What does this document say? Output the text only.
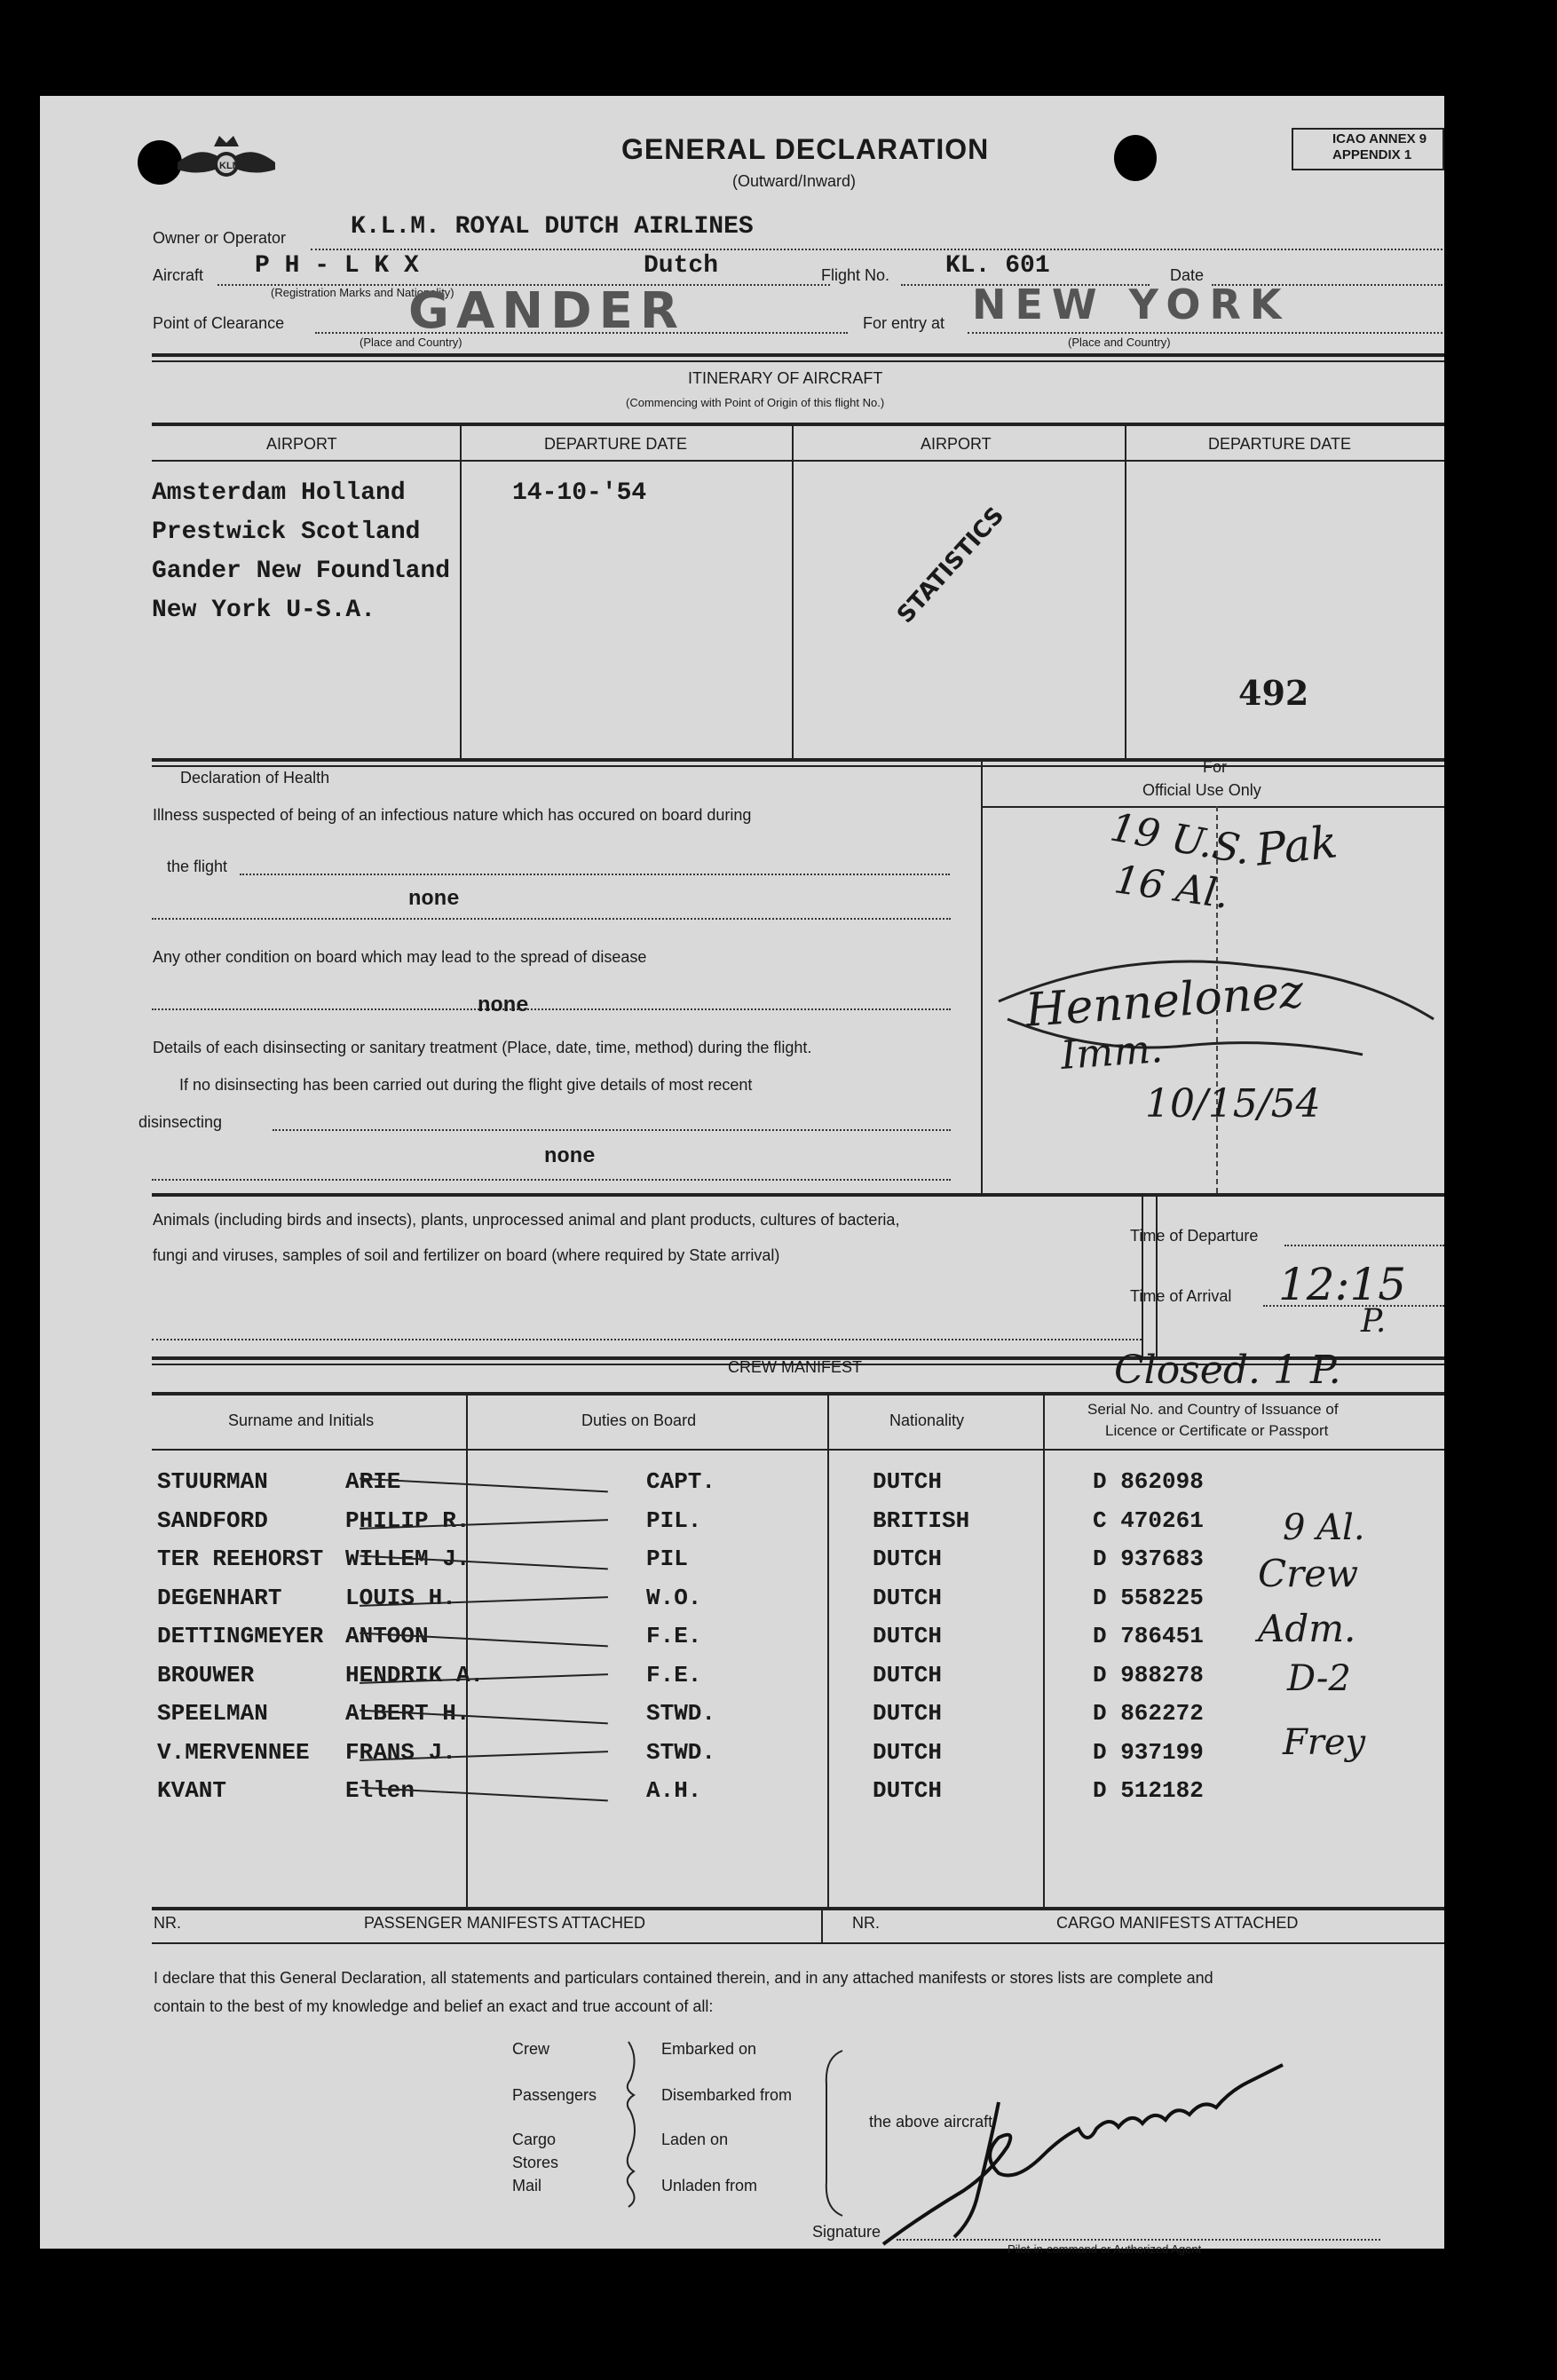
KLM
GENERAL DECLARATION
(Outward/Inward)
ICAO ANNEX 9
APPENDIX 1
Owner or Operator	K.L.M. ROYAL DUTCH AIRLINES
Aircraft P H - L K X	Dutch
(Registration Marks and Nationality)
Flight No. KL. 601	Date
Point of Clearance GANDER
(Place and Country)
For entry at NEW YORK
(Place and Country)
ITINERARY OF AIRCRAFT
(Commencing with Point of Origin of this flight No.)
AIRPORT	DEPARTURE DATE	AIRPORT	DEPARTURE DATE
Amsterdam Holland
Prestwick Scotland
Gander New Foundland
New York U-S.A.
14-10-'54
STATISTICS
492
Declaration of Health
Illness suspected of being of an infectious nature which has occured on board during
the flight
none
Any other condition on board which may lead to the spread of disease
none
Details of each disinsecting or sanitary treatment (Place, date, time, method) during the flight.
If no disinsecting has been carried out during the flight give details of most recent
disinsecting
none
For
Official Use Only
19 U.S.
16 Al.
Pak
Hennelonez
Imm.
10/15/54
Animals (including birds and insects), plants, unprocessed animal and plant products, cultures of bacteria,
fungi and viruses, samples of soil and fertilizer on board (where required by State arrival)
Time of Departure
Time of Arrival 12:15
P.
CREW MANIFEST	Closed. 1 P.
Surname and Initials	Duties on Board	Nationality
Serial No. and Country of Issuance of
Licence or Certificate or Passport
STUURMAN	ARIE	CAPT.	DUTCH	D 862098
SANDFORD	PHILIP R.	PIL.	BRITISH	C 470261
TER REEHORST WILLEM J.	PIL	DUTCH	D 937683
DEGENHART	LOUIS H.	W.O.	DUTCH	D 558225
DETTINGMEYER ANTOON	F.E.	DUTCH	D 786451
BROUWER	HENDRIK A.	F.E.	DUTCH	D 988278
SPEELMAN	ALBERT H.	STWD.	DUTCH	D 862272
V.MERVENNEE FRANS J.	STWD.	DUTCH	D 937199
KVANT	Ellen	A.H.	DUTCH	D 512182
9 Al.
Crew
Adm.
D-2
Frey
NR.	PASSENGER MANIFESTS ATTACHED	NR.	CARGO MANIFESTS ATTACHED
I declare that this General Declaration, all statements and particulars contained therein, and in any attached manifests or stores lists are complete and
contain to the best of my knowledge and belief an exact and true account of all:
Crew
Passengers
Cargo
Stores
Mail
Embarked on
Disembarked from
Laden on
Unladen from
the above aircraft
Signature
Pilot-in-command or Authorized Agent
